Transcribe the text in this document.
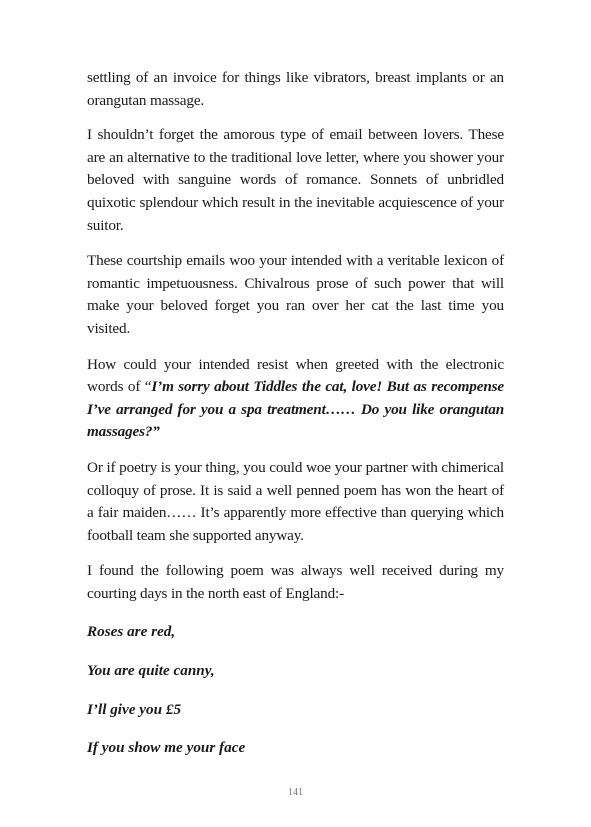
settling of an invoice for things like vibrators, breast implants or an orangutan massage.

I shouldn’t forget the amorous type of email between lovers. These are an alternative to the traditional love letter, where you shower your beloved with sanguine words of romance. Sonnets of unbridled quixotic splendour which result in the inevitable acquiescence of your suitor.

These courtship emails woo your intended with a veritable lexicon of romantic impetuousness. Chivalrous prose of such power that will make your beloved forget you ran over her cat the last time you visited.

How could your intended resist when greeted with the electronic words of “I’m sorry about Tiddles the cat, love! But as recompense I’ve arranged for you a spa treatment…… Do you like orangutan massages?”

Or if poetry is your thing, you could woe your partner with chimerical colloquy of prose. It is said a well penned poem has won the heart of a fair maiden…… It’s apparently more effective than querying which football team she supported anyway.

I found the following poem was always well received during my courting days in the north east of England:-

Roses are red,

You are quite canny,

I’ll give you £5

If you show me your face

141
